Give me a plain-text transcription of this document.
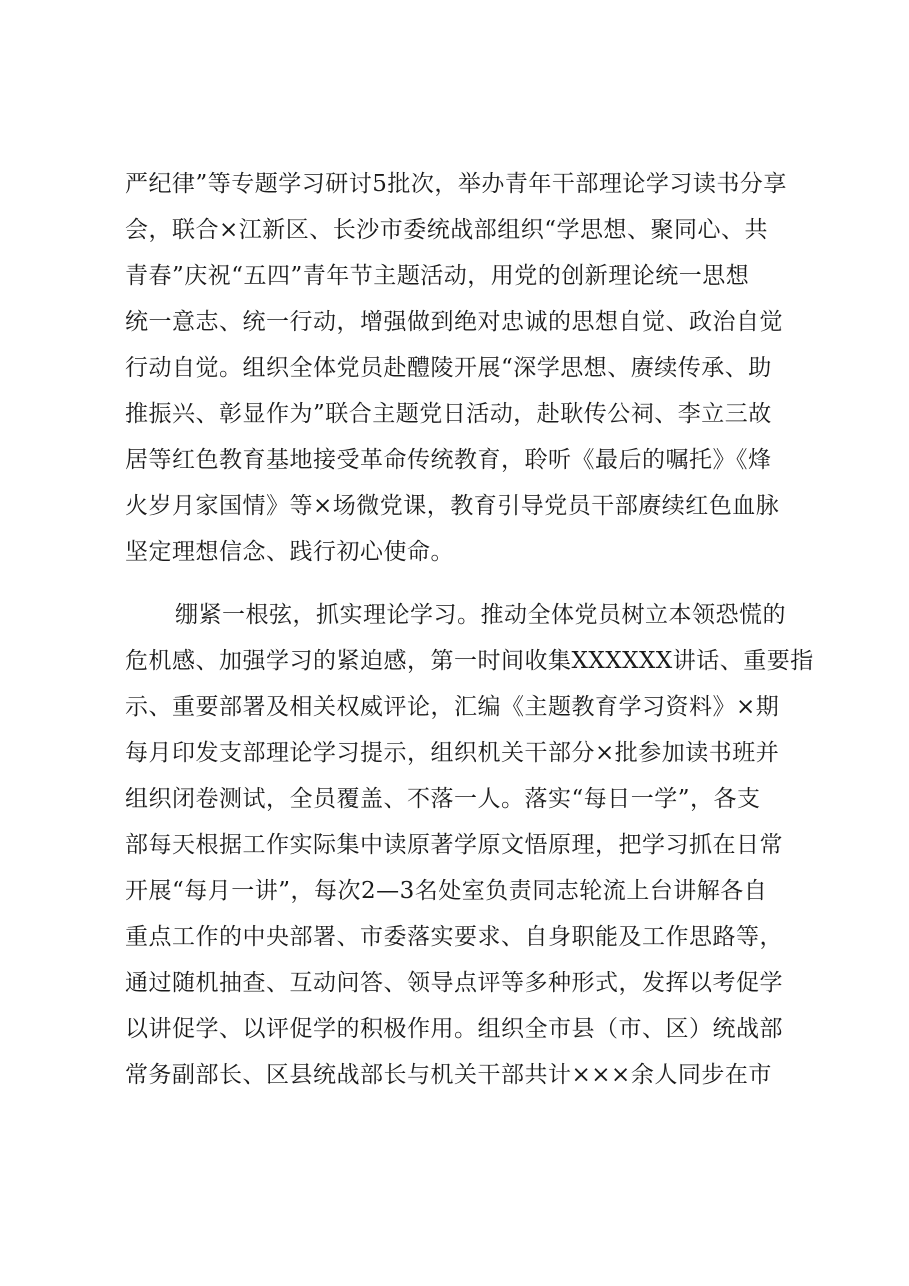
严纪律”等专题学习研讨5批次，举办青年干部理论学习读书分享
会，联合×江新区、长沙市委统战部组织“学思想、聚同心、共
青春”庆祝“五四”青年节主题活动，用党的创新理论统一思想
统一意志、统一行动，增强做到绝对忠诚的思想自觉、政治自觉
行动自觉。组织全体党员赴醴陵开展“深学思想、赓续传承、助
推振兴、彰显作为”联合主题党日活动，赴耿传公祠、李立三故
居等红色教育基地接受革命传统教育，聆听《最后的嘱托》《烽
火岁月家国情》等×场微党课，教育引导党员干部赓续红色血脉
坚定理想信念、践行初心使命。
绷紧一根弦，抓实理论学习。推动全体党员树立本领恐慌的
危机感、加强学习的紧迫感，第一时间收集XXXXXX讲话、重要指
示、重要部署及相关权威评论，汇编《主题教育学习资料》×期
每月印发支部理论学习提示，组织机关干部分×批参加读书班并
组织闭卷测试，全员覆盖、不落一人。落实“每日一学”，各支
部每天根据工作实际集中读原著学原文悟原理，把学习抓在日常
开展“每月一讲”，每次2—3名处室负责同志轮流上台讲解各自
重点工作的中央部署、市委落实要求、自身职能及工作思路等，
通过随机抽查、互动问答、领导点评等多种形式，发挥以考促学
以讲促学、以评促学的积极作用。组织全市县（市、区）统战部
常务副部长、区县统战部长与机关干部共计×××余人同步在市
